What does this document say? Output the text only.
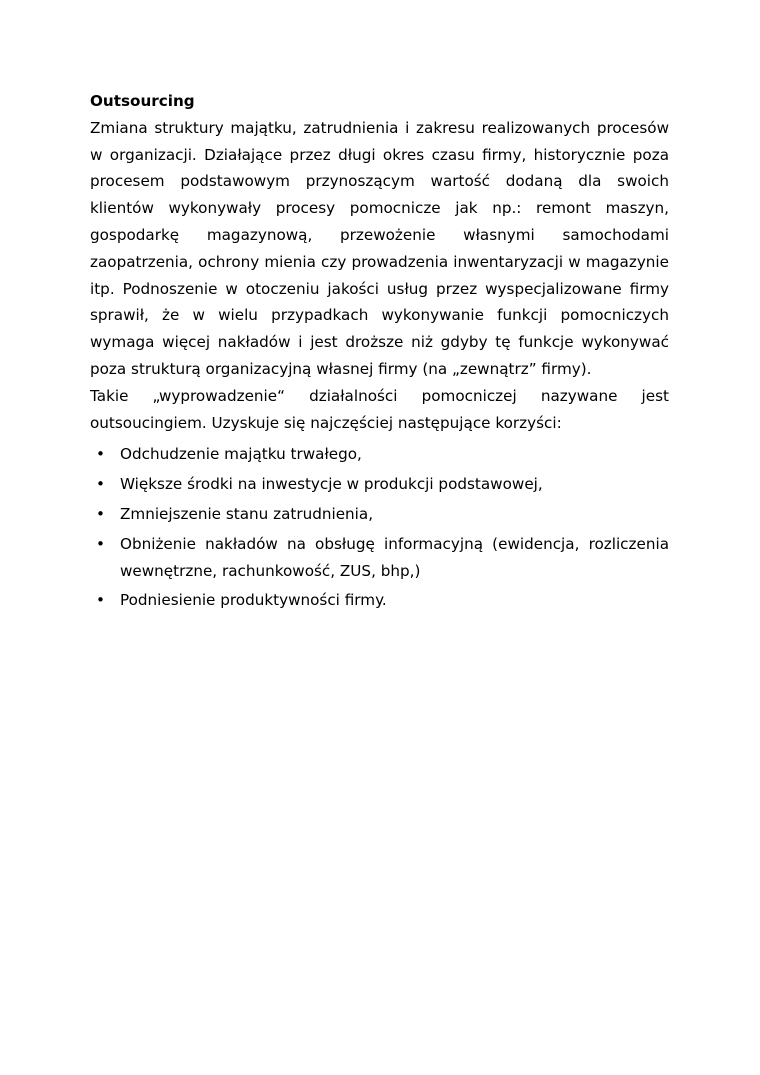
Outsourcing

Zmiana struktury majątku, zatrudnienia i zakresu realizowanych procesów w organizacji. Działające przez długi okres czasu firmy, historycznie poza procesem podstawowym przynoszącym wartość dodaną dla swoich klientów wykonywały procesy pomocnicze jak np.: remont maszyn, gospodarkę magazynową, przewożenie własnymi samochodami zaopatrzenia, ochrony mienia czy prowadzenia inwentaryzacji w magazynie itp. Podnoszenie w otoczeniu jakości usług przez wyspecjalizowane firmy sprawił, że w wielu przypadkach wykonywanie funkcji pomocniczych wymaga więcej nakładów i jest droższe niż gdyby tę funkcje wykonywać poza strukturą organizacyjną własnej firmy (na „zewnątrz” firmy).

Takie „wyprowadzenie“ działalności pomocniczej nazywane jest outsoucingiem. Uzyskuje się najczęściej następujące korzyści:

• Odchudzenie majątku trwałego,
• Większe środki na inwestycje w produkcji podstawowej,
• Zmniejszenie stanu zatrudnienia,
• Obniżenie nakładów na obsługę informacyjną (ewidencja, rozliczenia wewnętrzne, rachunkowość, ZUS, bhp,)
• Podniesienie produktywności firmy.
